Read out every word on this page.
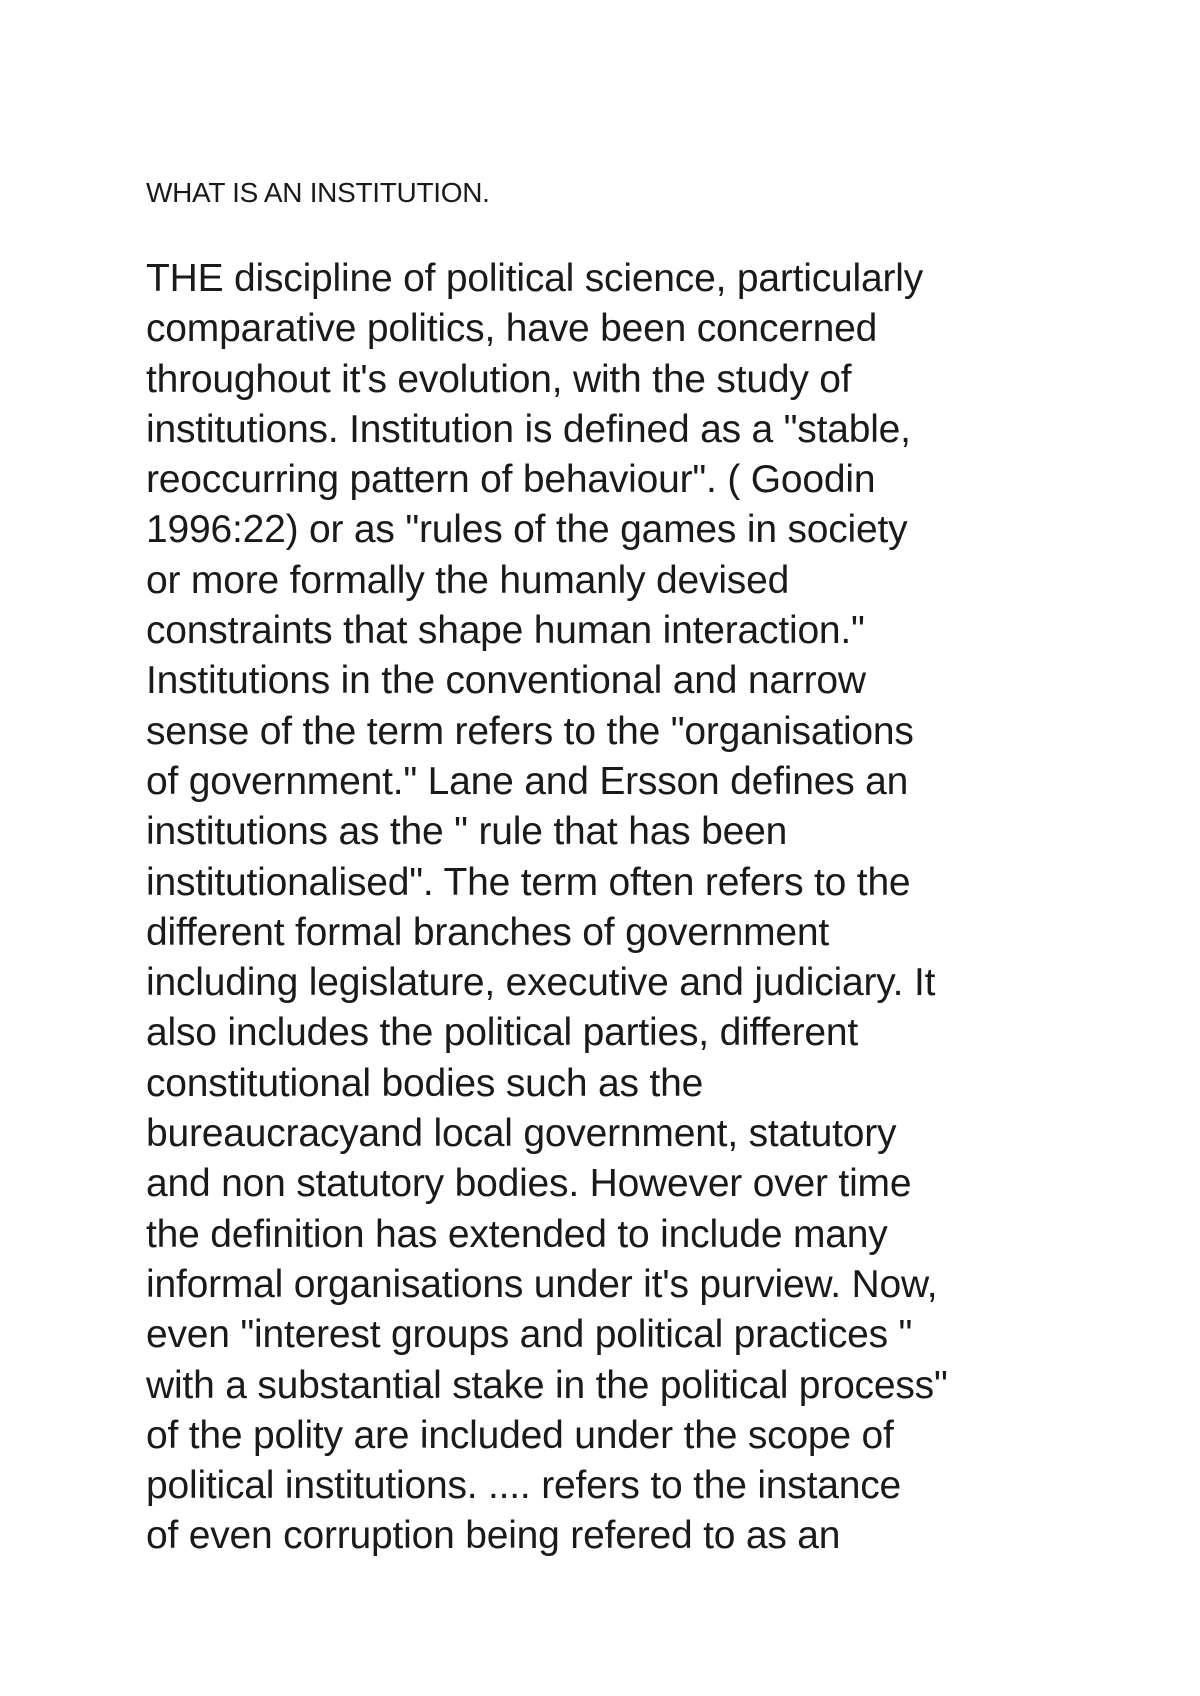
WHAT IS AN INSTITUTION.
THE discipline of political science, particularly
comparative politics, have been concerned
throughout it's evolution, with the study of
institutions. Institution is defined as a "stable,
reoccurring pattern of behaviour". ( Goodin
1996:22) or as "rules of the games in society
or more formally the humanly devised
constraints that shape human interaction."
Institutions in the conventional and narrow
sense of the term refers to the "organisations
of government." Lane and Ersson defines an
institutions as the " rule that has been
institutionalised". The term often refers to the
different formal branches of government
including legislature, executive and judiciary. It
also includes the political parties, different
constitutional bodies such as the
bureaucracyand local government, statutory
and non statutory bodies. However over time
the definition has extended to include many
informal organisations under it's purview. Now,
even "interest groups and political practices "
with a substantial stake in the political process"
of the polity are included under the scope of
political institutions. .... refers to the instance
of even corruption being refered to as an
